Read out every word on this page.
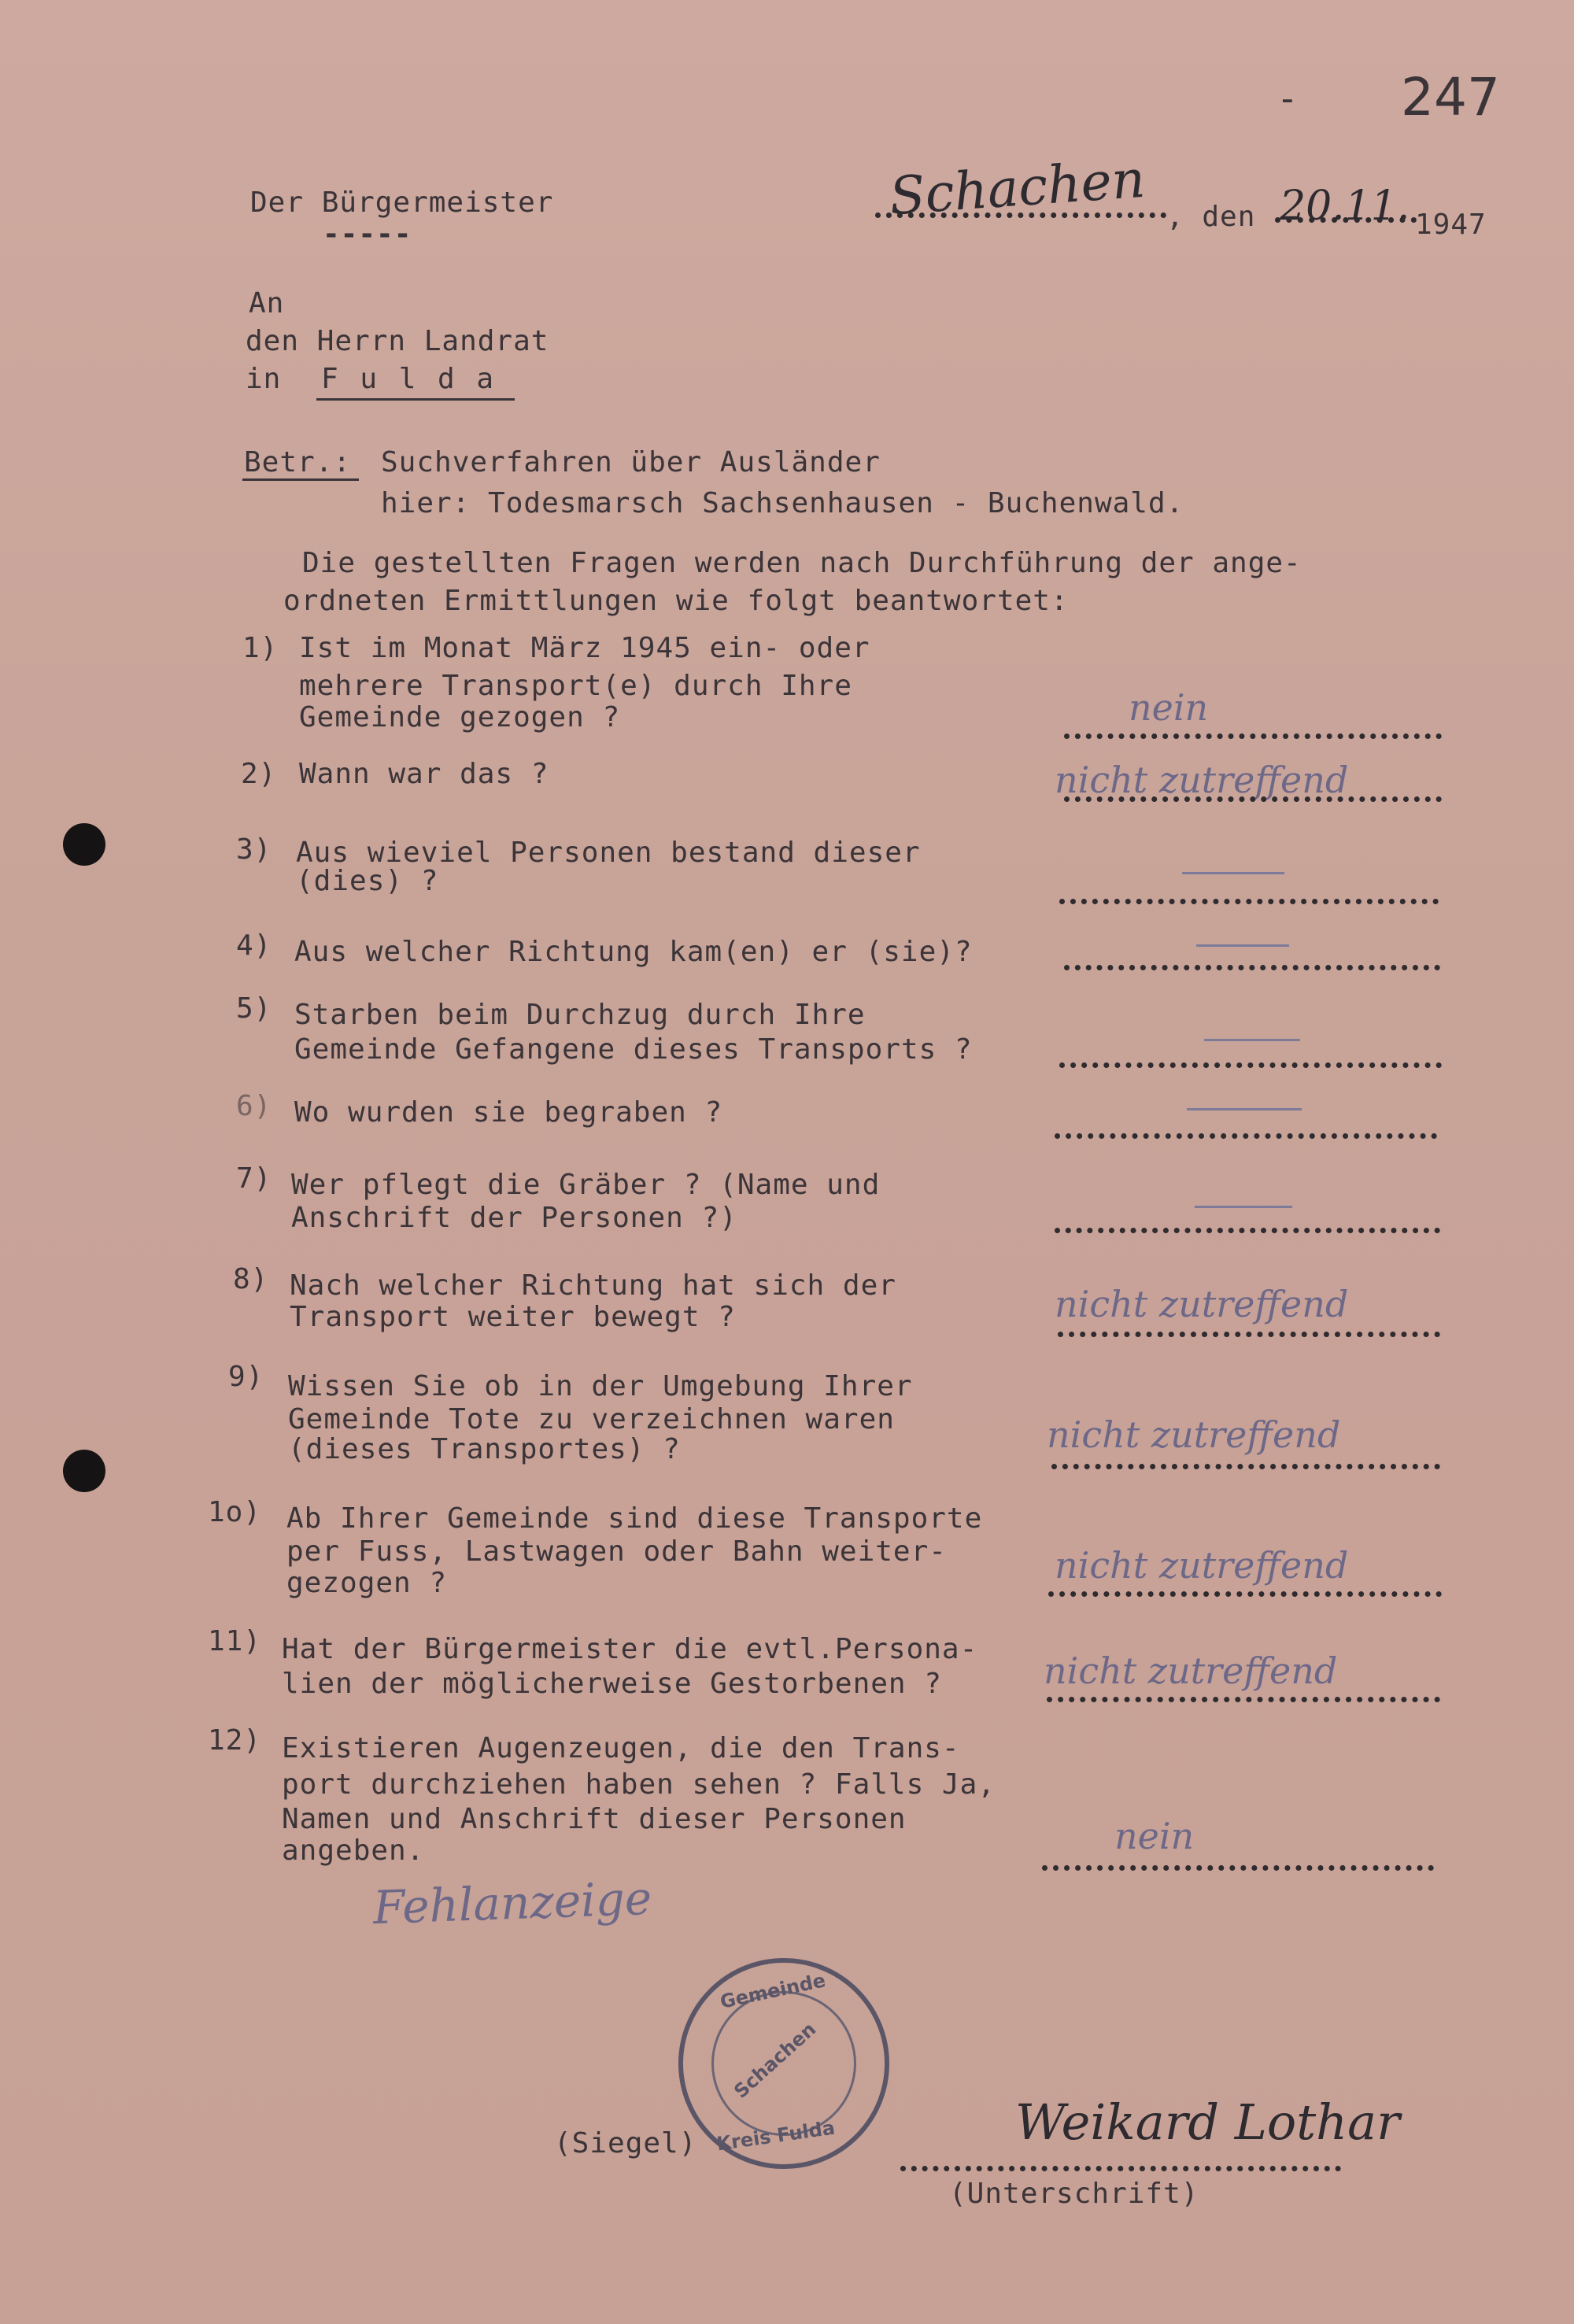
- 247
Der Bürgermeister
-----
Schachen , den 20.11. 1947
An
den Herrn Landrat
in F u l d a
Betr.: Suchverfahren über Ausländer
hier: Todesmarsch Sachsenhausen - Buchenwald.
Die gestellten Fragen werden nach Durchführung der ange-
ordneten Ermittlungen wie folgt beantwortet:
1) Ist im Monat März 1945 ein- oder
mehrere Transport(e) durch Ihre
Gemeinde gezogen ?	nein
2) Wann war das ?	nicht zutreffend
3) Aus wieviel Personen bestand dieser
(dies) ?
4) Aus welcher Richtung kam(en) er (sie)?
5) Starben beim Durchzug durch Ihre
Gemeinde Gefangene dieses Transports ?
6) Wo wurden sie begraben ?
7) Wer pflegt die Gräber ? (Name und
Anschrift der Personen ?)
8) Nach welcher Richtung hat sich der
Transport weiter bewegt ?	nicht zutreffend
9) Wissen Sie ob in der Umgebung Ihrer
Gemeinde Tote zu verzeichnen waren
(dieses Transportes) ?	nicht zutreffend
1o) Ab Ihrer Gemeinde sind diese Transporte
per Fuss, Lastwagen oder Bahn weiter-
gezogen ?	nicht zutreffend
11) Hat der Bürgermeister die evtl.Persona-
lien der möglicherweise Gestorbenen ?	nicht zutreffend
12) Existieren Augenzeugen, die den Trans-
port durchziehen haben sehen ? Falls Ja,
Namen und Anschrift dieser Personen
angeben.	nein
Fehlanzeige
Gemeinde
Schachen
Kreis Fulda
(Siegel)	Weikard Lothar
(Unterschrift)
